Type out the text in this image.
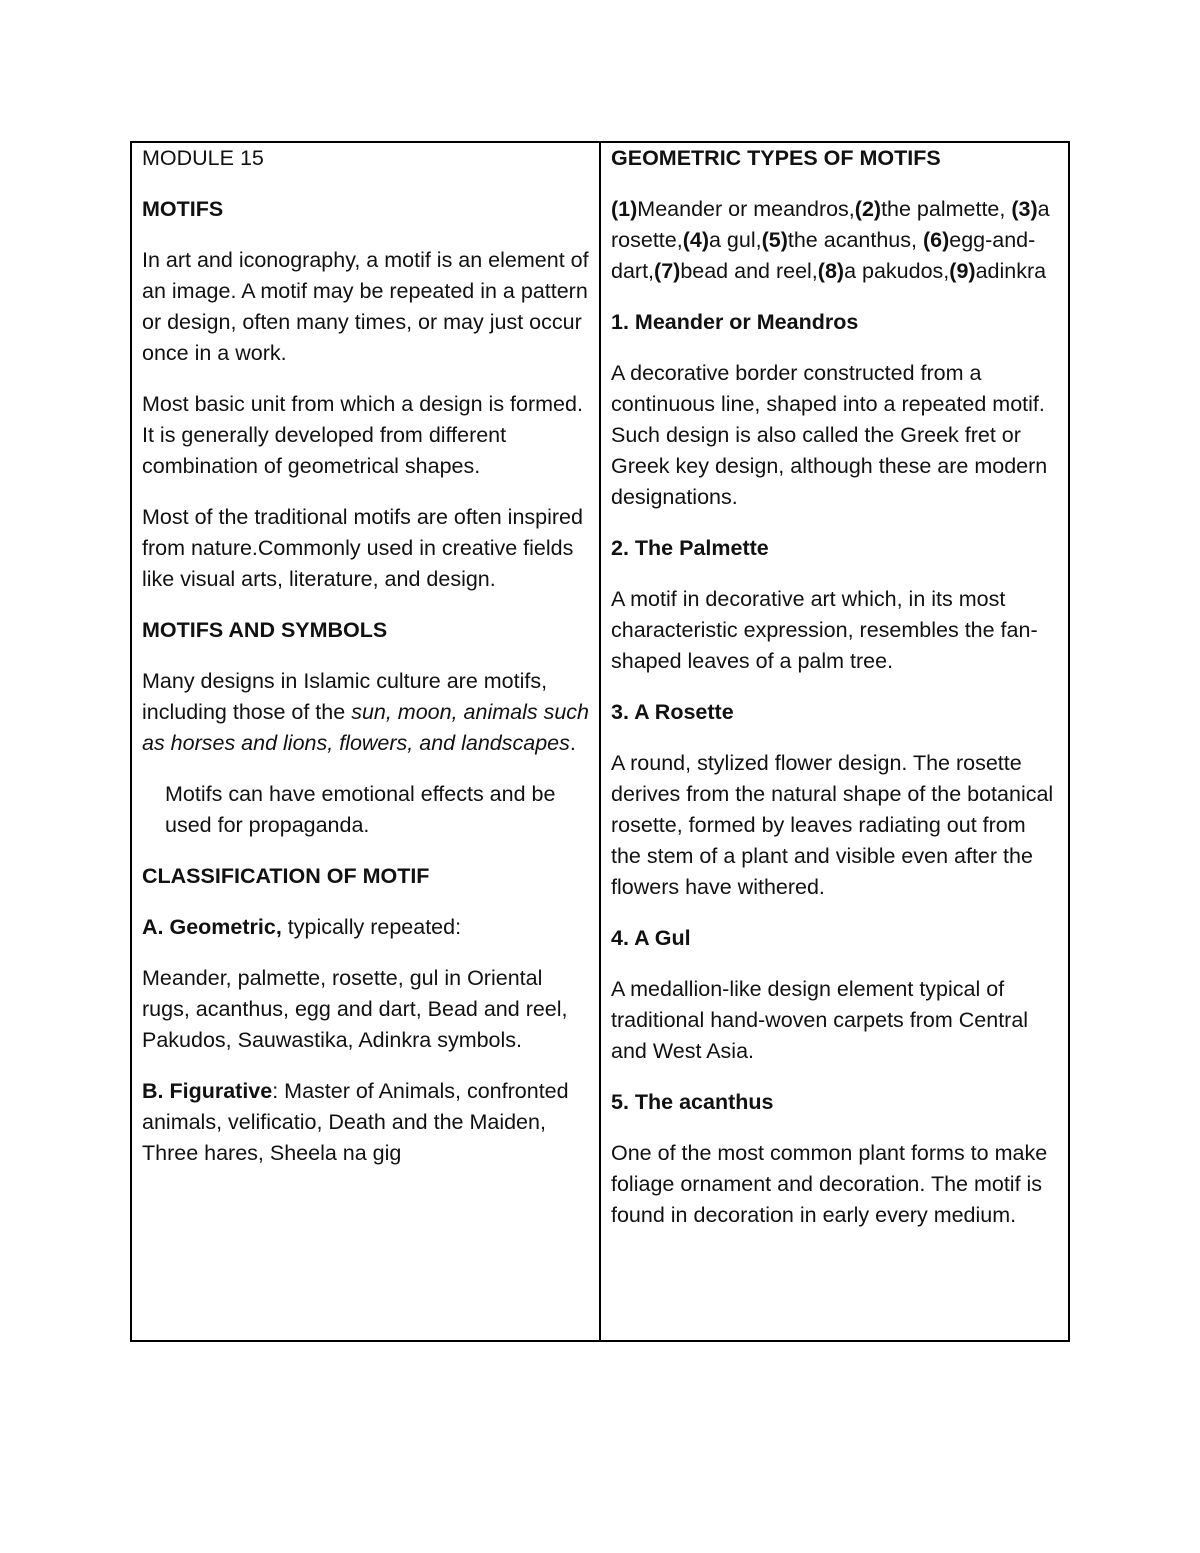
MODULE 15

MOTIFS

In art and iconography, a motif is an element of an image. A motif may be repeated in a pattern or design, often many times, or may just occur once in a work.

Most basic unit from which a design is formed. It is generally developed from different combination of geometrical shapes.

Most of the traditional motifs are often inspired from nature.Commonly used in creative fields like visual arts, literature, and design.

MOTIFS AND SYMBOLS

Many designs in Islamic culture are motifs, including those of the sun, moon, animals such as horses and lions, flowers, and landscapes.

Motifs can have emotional effects and be used for propaganda.

CLASSIFICATION OF MOTIF

A. Geometric, typically repeated:

Meander, palmette, rosette, gul in Oriental rugs, acanthus, egg and dart, Bead and reel, Pakudos, Sauwastika, Adinkra symbols.

B. Figurative: Master of Animals, confronted animals, velificatio, Death and the Maiden, Three hares, Sheela na gig

GEOMETRIC TYPES OF MOTIFS

(1)Meander or meandros,(2)the palmette, (3)a rosette,(4)a gul,(5)the acanthus, (6)egg-and-dart,(7)bead and reel,(8)a pakudos,(9)adinkra

1. Meander or Meandros

A decorative border constructed from a continuous line, shaped into a repeated motif. Such design is also called the Greek fret or Greek key design, although these are modern designations.

2. The Palmette

A motif in decorative art which, in its most characteristic expression, resembles the fan-shaped leaves of a palm tree.

3. A Rosette

A round, stylized flower design. The rosette derives from the natural shape of the botanical rosette, formed by leaves radiating out from the stem of a plant and visible even after the flowers have withered.

4. A Gul

A medallion-like design element typical of traditional hand-woven carpets from Central and West Asia.

5. The acanthus

One of the most common plant forms to make foliage ornament and decoration. The motif is found in decoration in early every medium.
